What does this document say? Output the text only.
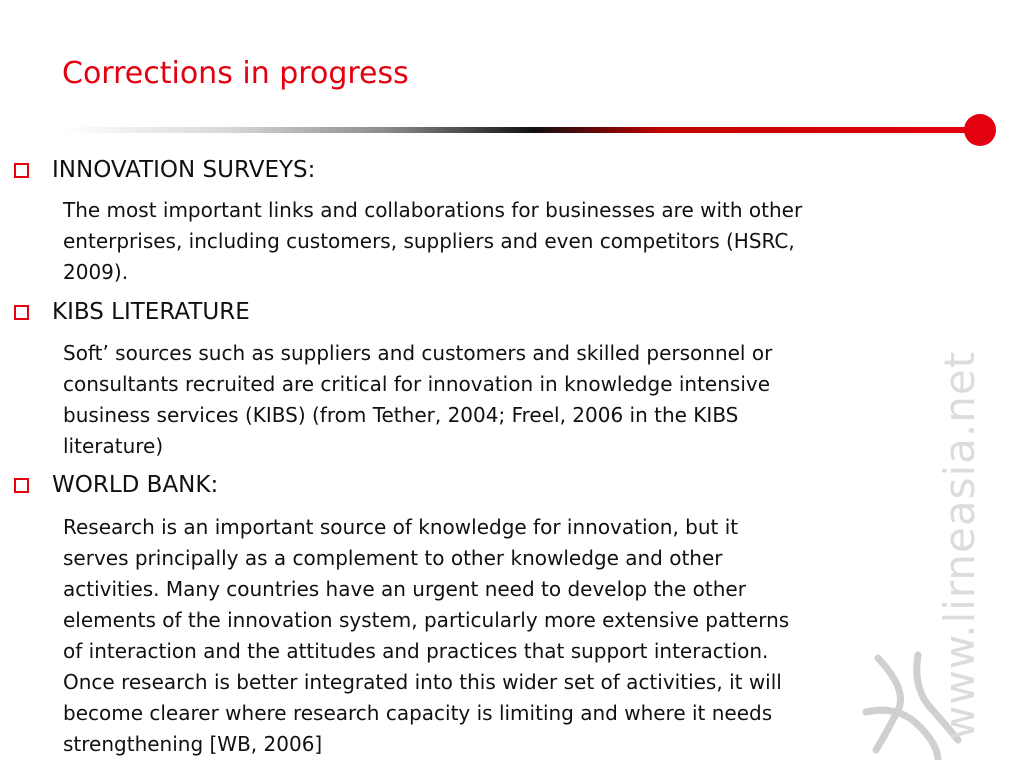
Corrections in progress
INNOVATION SURVEYS:
The most important links and collaborations for businesses are with other
enterprises, including customers, suppliers and even competitors (HSRC,
2009).
KIBS LITERATURE
Soft’ sources such as suppliers and customers and skilled personnel or
consultants recruited are critical for innovation in knowledge intensive
business services (KIBS) (from Tether, 2004; Freel, 2006 in the KIBS
literature)
WORLD BANK:
Research is an important source of knowledge for innovation, but it
serves principally as a complement to other knowledge and other
activities. Many countries have an urgent need to develop the other
elements of the innovation system, particularly more extensive patterns
of interaction and the attitudes and practices that support interaction.
Once research is better integrated into this wider set of activities, it will
become clearer where research capacity is limiting and where it needs
strengthening [WB, 2006]
www.lirneasia.net
